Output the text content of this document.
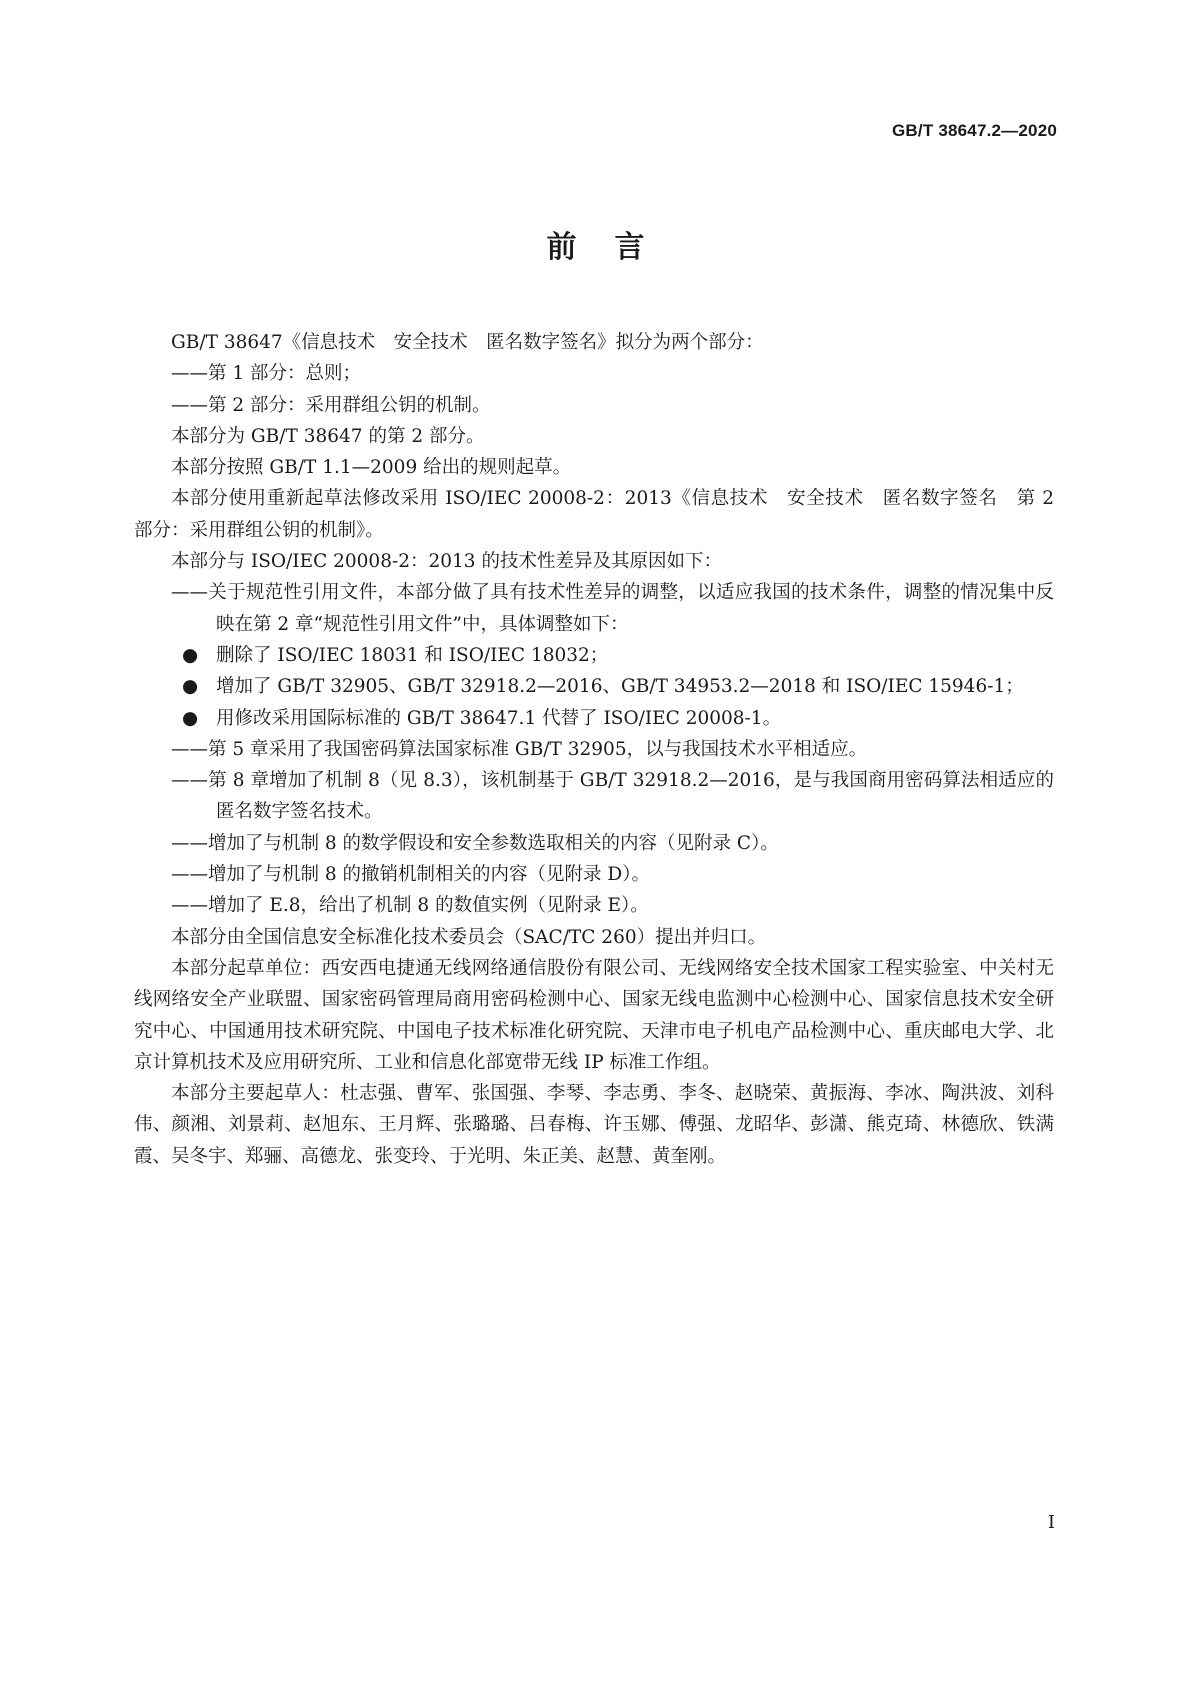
GB/T 38647.2—2020
前言

GB/T 38647《信息技术　安全技术　匿名数字签名》拟分为两个部分：

——第 1 部分：总则；

——第 2 部分：采用群组公钥的机制。

本部分为 GB/T 38647 的第 2 部分。

本部分按照 GB/T 1.1—2009 给出的规则起草。

本部分使用重新起草法修改采用 ISO/IEC 20008-2：2013《信息技术　安全技术　匿名数字签名　第 2 部分：采用群组公钥的机制》。

本部分与 ISO/IEC 20008-2：2013 的技术性差异及其原因如下：

——关于规范性引用文件，本部分做了具有技术性差异的调整，以适应我国的技术条件，调整的情况集中反映在第 2 章“规范性引用文件”中，具体调整如下：

● 删除了 ISO/IEC 18031 和 ISO/IEC 18032；

● 增加了 GB/T 32905、GB/T 32918.2—2016、GB/T 34953.2—2018 和 ISO/IEC 15946-1；

● 用修改采用国际标准的 GB/T 38647.1 代替了 ISO/IEC 20008-1。

——第 5 章采用了我国密码算法国家标准 GB/T 32905，以与我国技术水平相适应。

——第 8 章增加了机制 8（见 8.3），该机制基于 GB/T 32918.2—2016，是与我国商用密码算法相适应的匿名数字签名技术。

——增加了与机制 8 的数学假设和安全参数选取相关的内容（见附录 C）。

——增加了与机制 8 的撤销机制相关的内容（见附录 D）。

——增加了 E.8，给出了机制 8 的数值实例（见附录 E）。

本部分由全国信息安全标准化技术委员会（SAC/TC 260）提出并归口。

本部分起草单位：西安西电捷通无线网络通信股份有限公司、无线网络安全技术国家工程实验室、中关村无线网络安全产业联盟、国家密码管理局商用密码检测中心、国家无线电监测中心检测中心、国家信息技术安全研究中心、中国通用技术研究院、中国电子技术标准化研究院、天津市电子机电产品检测中心、重庆邮电大学、北京计算机技术及应用研究所、工业和信息化部宽带无线 IP 标准工作组。

本部分主要起草人：杜志强、曹军、张国强、李琴、李志勇、李冬、赵晓荣、黄振海、李冰、陶洪波、刘科伟、颜湘、刘景莉、赵旭东、王月辉、张璐璐、吕春梅、许玉娜、傅强、龙昭华、彭潇、熊克琦、林德欣、铁满霞、吴冬宇、郑骊、高德龙、张变玲、于光明、朱正美、赵慧、黄奎刚。

I
